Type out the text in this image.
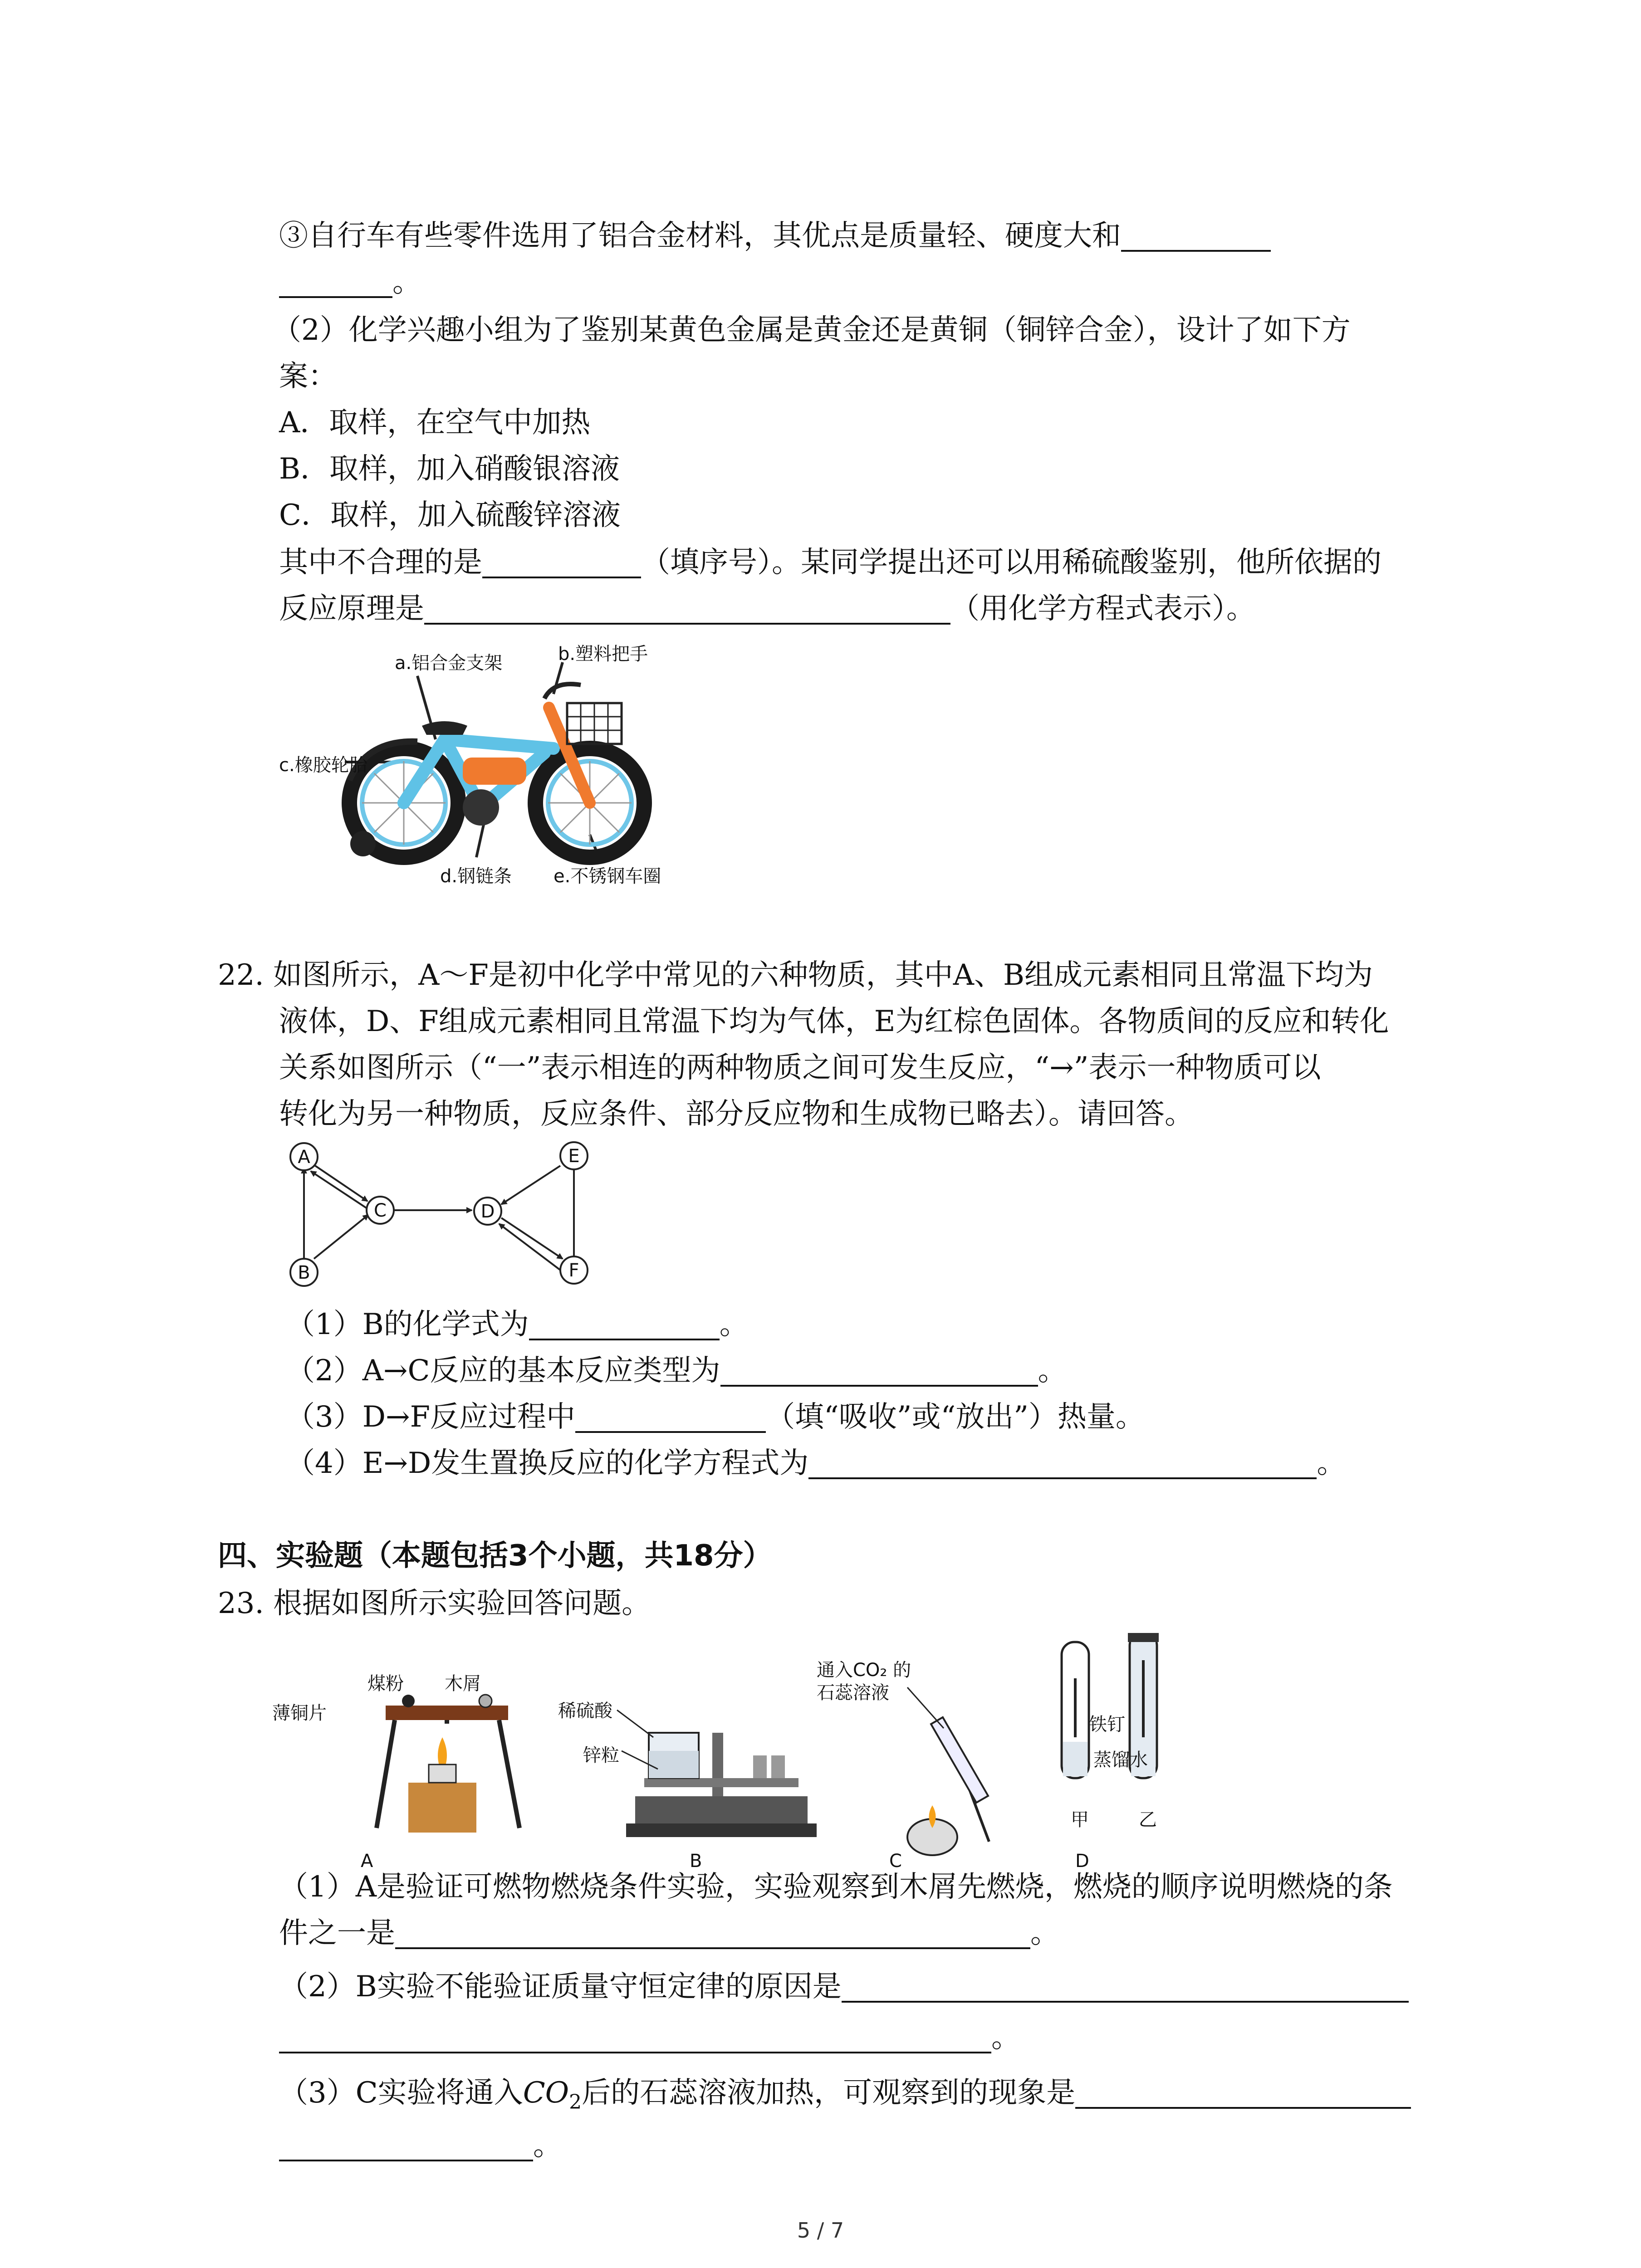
③自行车有些零件选用了铝合金材料，其优点是质量轻、硬度大和
。
（2）化学兴趣小组为了鉴别某黄色金属是黄金还是黄铜（铜锌合金），设计了如下方
案：
A．取样，在空气中加热
B．取样，加入硝酸银溶液
C．取样，加入硫酸锌溶液
其中不合理的是	（填序号）。某同学提出还可以用稀硫酸鉴别，他所依据的
反应原理是	（用化学方程式表示）。
a.铝合金支架	b.塑料把手
c.橡胶轮胎
d.钢链条 e.不锈钢车圈
22. 如图所示，A～F是初中化学中常见的六种物质，其中A、B组成元素相同且常温下均为
液体，D、F组成元素相同且常温下均为气体，E为红棕色固体。各物质间的反应和转化
关系如图所示（“一”表示相连的两种物质之间可发生反应，“→”表示一种物质可以
转化为另一种物质，反应条件、部分反应物和生成物已略去）。请回答。
A
B
C	D
E
F
（1）B的化学式为	。
（2）A→C反应的基本反应类型为	。
（3）D→F反应过程中	（填“吸收”或“放出”）热量。
（4）E→D发生置换反应的化学方程式为	。
四、实验题（本题包括3个小题，共18分）
23. 根据如图所示实验回答问题。
A
煤粉 木屑
薄铜片
B
稀硫酸
锌粒
C
通入CO₂ 的
石蕊溶液
D
铁钉
蒸馏水
甲	乙
（1）A是验证可燃物燃烧条件实验，实验观察到木屑先燃烧，燃烧的顺序说明燃烧的条
件之一是	。
（2）B实验不能验证质量守恒定律的原因是
。
（3）C实验将通入$CO_2$后的石蕊溶液加热，可观察到的现象是
。
5 / 7
